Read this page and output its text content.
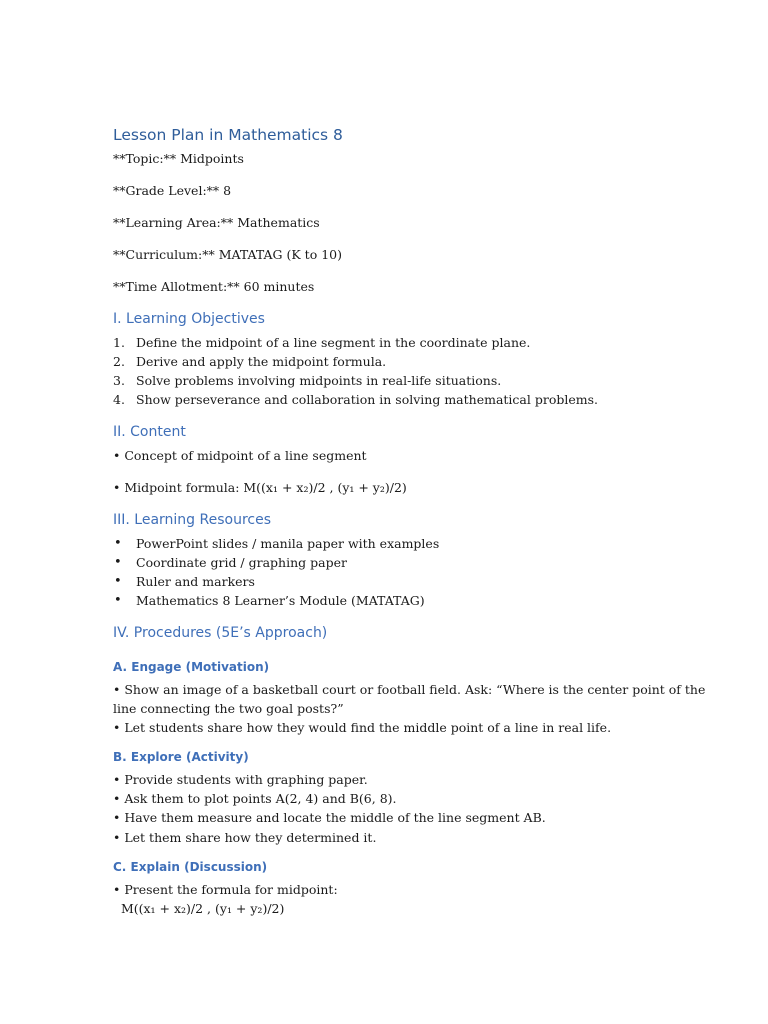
Lesson Plan in Mathematics 8
**Topic:** Midpoints
**Grade Level:** 8
**Learning Area:** Mathematics
**Curriculum:** MATATAG (K to 10)
**Time Allotment:** 60 minutes
I. Learning Objectives
1. Define the midpoint of a line segment in the coordinate plane.
2. Derive and apply the midpoint formula.
3. Solve problems involving midpoints in real-life situations.
4. Show perseverance and collaboration in solving mathematical problems.
II. Content
• Concept of midpoint of a line segment
• Midpoint formula: M((x₁ + x₂)/2 , (y₁ + y₂)/2)
III. Learning Resources
• PowerPoint slides / manila paper with examples
• Coordinate grid / graphing paper
• Ruler and markers
• Mathematics 8 Learner’s Module (MATATAG)
IV. Procedures (5E’s Approach)
A. Engage (Motivation)
• Show an image of a basketball court or football field. Ask: “Where is the center point of the
line connecting the two goal posts?”
• Let students share how they would find the middle point of a line in real life.
B. Explore (Activity)
• Provide students with graphing paper.
• Ask them to plot points A(2, 4) and B(6, 8).
• Have them measure and locate the middle of the line segment AB.
• Let them share how they determined it.
C. Explain (Discussion)
• Present the formula for midpoint:
M((x₁ + x₂)/2 , (y₁ + y₂)/2)
